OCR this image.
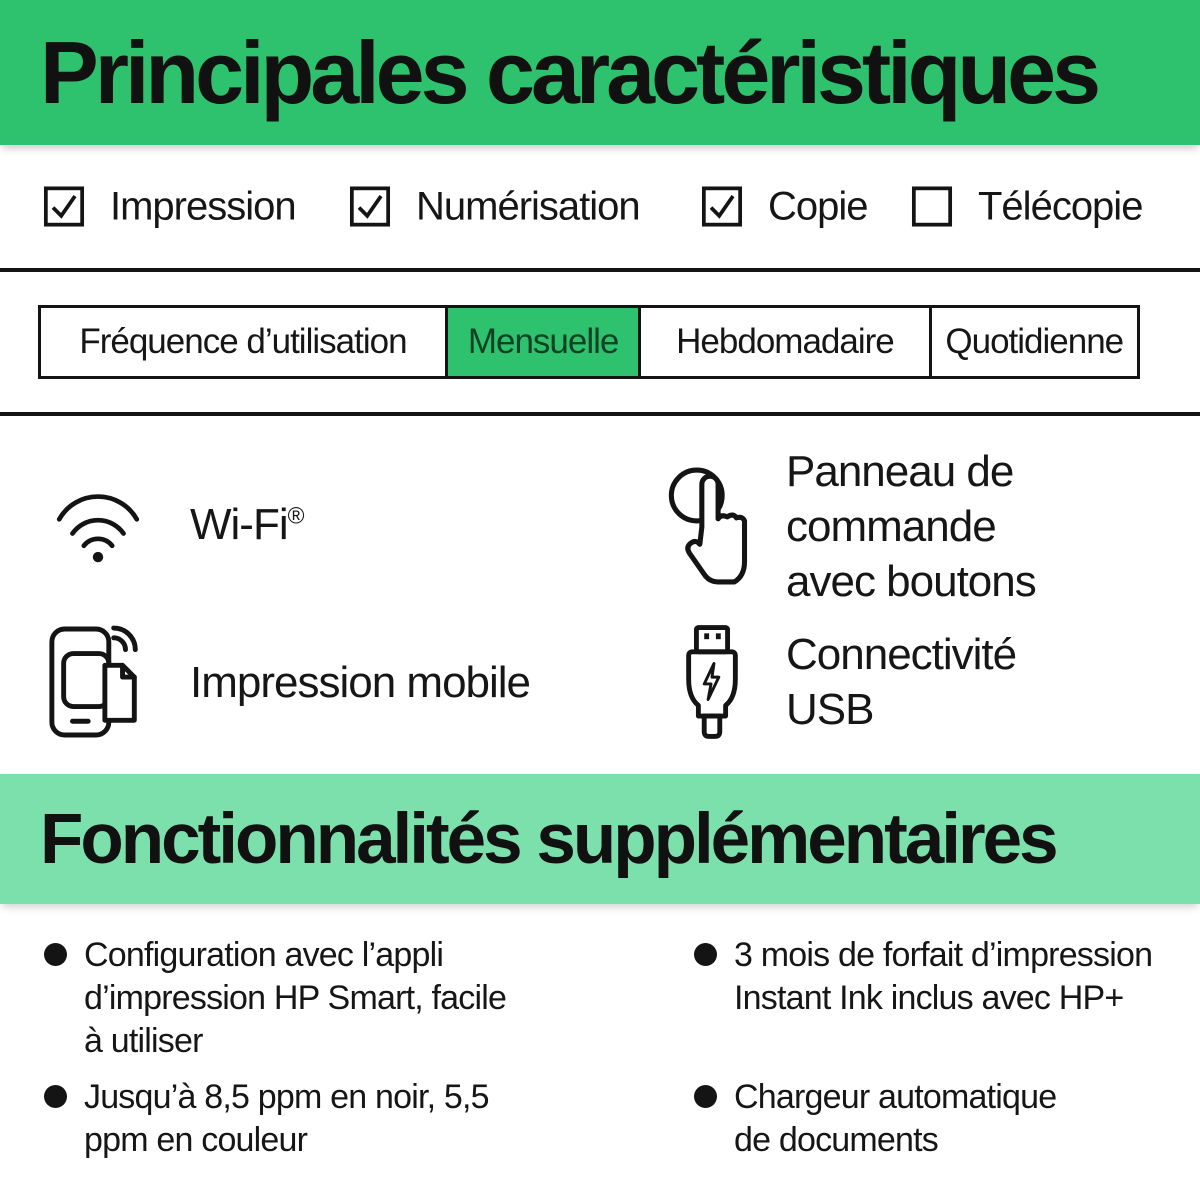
Principales caractéristiques
Impression	Numérisation	Copie	Télécopie
Fréquence d’utilisation	Mensuelle	Hebdomadaire	Quotidienne
Wi-Fi®
Panneau de commande avec boutons
Impression mobile
Connectivité USB
Fonctionnalités supplémentaires
Configuration avec l’appli d’impression HP Smart, facile à utiliser
Jusqu’à 8,5 ppm en noir, 5,5 ppm en couleur
3 mois de forfait d’impression Instant Ink inclus avec HP+
Chargeur automatique de documents
